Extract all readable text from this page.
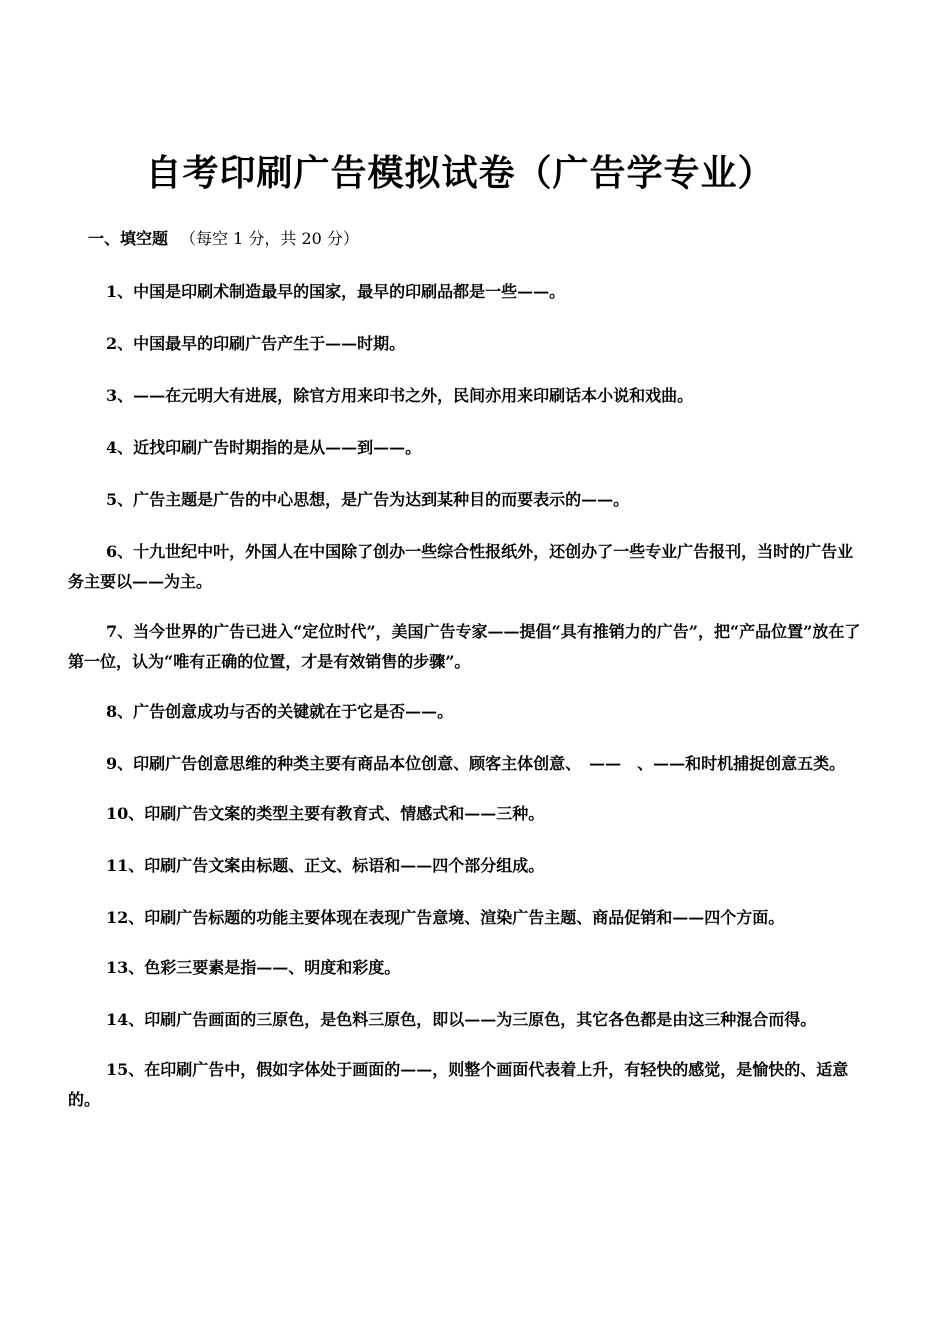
自考印刷广告模拟试卷（广告学专业）
一、填空题 （每空 1 分，共 20 分）

1、中国是印刷术制造最早的国家，最早的印刷品都是一些——。

2、中国最早的印刷广告产生于——时期。

3、——在元明大有进展，除官方用来印书之外，民间亦用来印刷话本小说和戏曲。

4、近找印刷广告时期指的是从——到——。

5、广告主题是广告的中心思想，是广告为达到某种目的而要表示的——。

6、十九世纪中叶，外国人在中国除了创办一些综合性报纸外，还创办了一些专业广告报刊，当时的广告业务主要以——为主。

7、当今世界的广告已进入“定位时代”，美国广告专家——提倡“具有推销力的广告”，把“产品位置”放在了第一位，认为“唯有正确的位置，才是有效销售的步骤”。

8、广告创意成功与否的关键就在于它是否——。

9、印刷广告创意思维的种类主要有商品本位创意、顾客主体创意、　——　、——和时机捕捉创意五类。

10、印刷广告文案的类型主要有教育式、情感式和——三种。

11、印刷广告文案由标题、正文、标语和——四个部分组成。

12、印刷广告标题的功能主要体现在表现广告意境、渲染广告主题、商品促销和——四个方面。

13、色彩三要素是指——、明度和彩度。

14、印刷广告画面的三原色，是色料三原色，即以——为三原色，其它各色都是由这三种混合而得。

15、在印刷广告中，假如字体处于画面的——，则整个画面代表着上升，有轻快的感觉，是愉快的、适意的。
